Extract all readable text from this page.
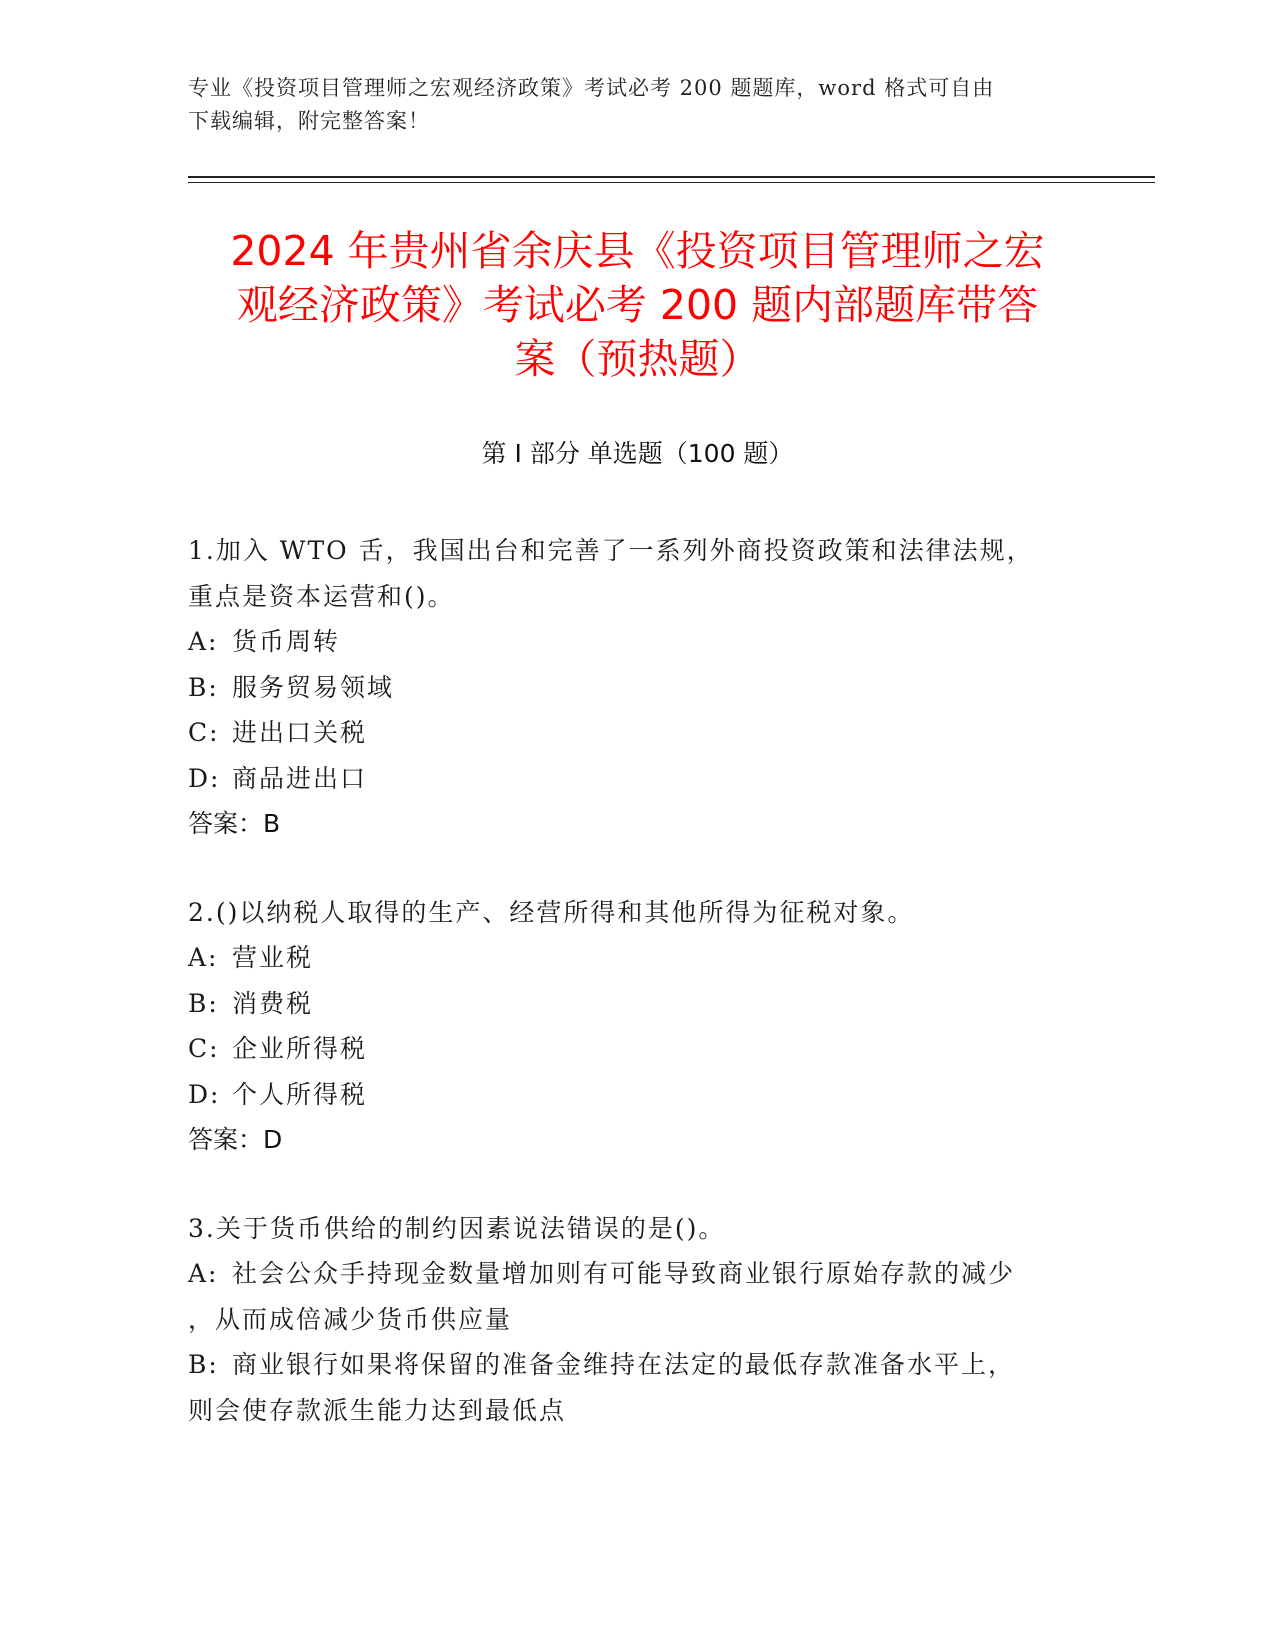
专业《投资项目管理师之宏观经济政策》考试必考 200 题题库，word 格式可自由
下载编辑，附完整答案！
2024 年贵州省余庆县《投资项目管理师之宏
观经济政策》考试必考 200 题内部题库带答
案（预热题）
第 I 部分 单选题（100 题）
1.加入 WTO 舌，我国出台和完善了一系列外商投资政策和法律法规，
重点是资本运营和()。
A: 货币周转
B: 服务贸易领域
C: 进出口关税
D: 商品进出口
答案：B
2.()以纳税人取得的生产、经营所得和其他所得为征税对象。
A: 营业税
B: 消费税
C: 企业所得税
D: 个人所得税
答案：D
3.关于货币供给的制约因素说法错误的是()。
A: 社会公众手持现金数量增加则有可能导致商业银行原始存款的减少
，从而成倍减少货币供应量
B: 商业银行如果将保留的准备金维持在法定的最低存款准备水平上，
则会使存款派生能力达到最低点
